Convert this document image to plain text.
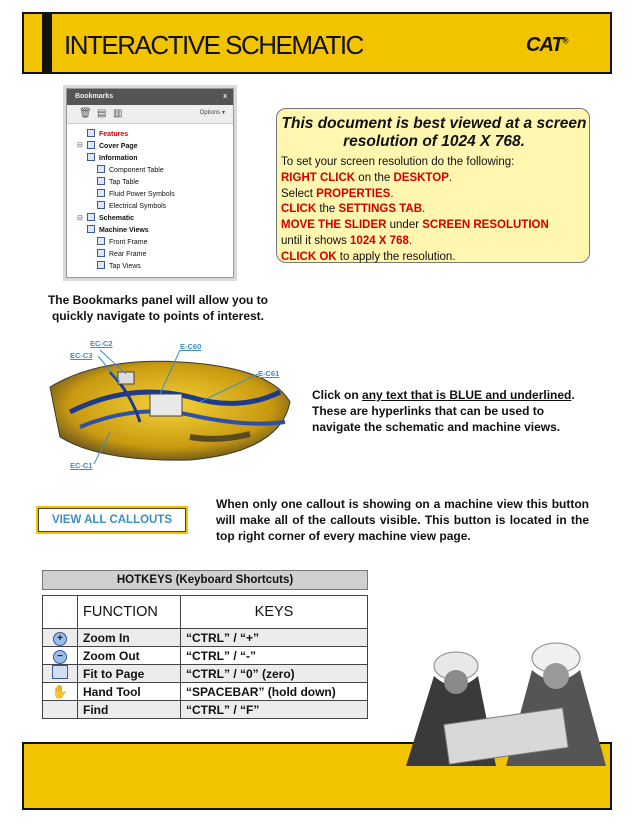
INTERACTIVE SCHEMATIC	CAT®
Bookmarks	x
🗑 ▤ ▥	Options ▾
⊟
⊟
Features
Cover Page
Information
Component Table
Tap Table
Fluid Power Symbols
Electrical Symbols
Schematic
Machine Views
Front Frame
Rear Frame
Tap Views
This document is best viewed at a screen resolution of 1024 X 768.
To set your screen resolution do the following:
RIGHT CLICK on the DESKTOP.
Select PROPERTIES.
CLICK the SETTINGS TAB.
MOVE THE SLIDER under SCREEN RESOLUTION
until it shows 1024 X 768.
CLICK OK to apply the resolution.
The Bookmarks panel will allow you to quickly navigate to points of interest.
EC-C2	E-C60
EC-C3
E-C61
EC-C1
Click on any text that is BLUE and underlined. These are hyperlinks that can be used to navigate the schematic and machine views.
VIEW ALL CALLOUTS
When only one callout is showing on a machine view this button will make all of the callouts visible. This button is located in the top right corner of every machine view page.
HOTKEYS (Keyboard Shortcuts)
	FUNCTION	KEYS
+	Zoom In	“CTRL” / “+”
−	Zoom Out	“CTRL” / “-”
	Fit to Page	“CTRL” / “0” (zero)
✋	Hand Tool	“SPACEBAR” (hold down)
	Find	“CTRL” / “F”
